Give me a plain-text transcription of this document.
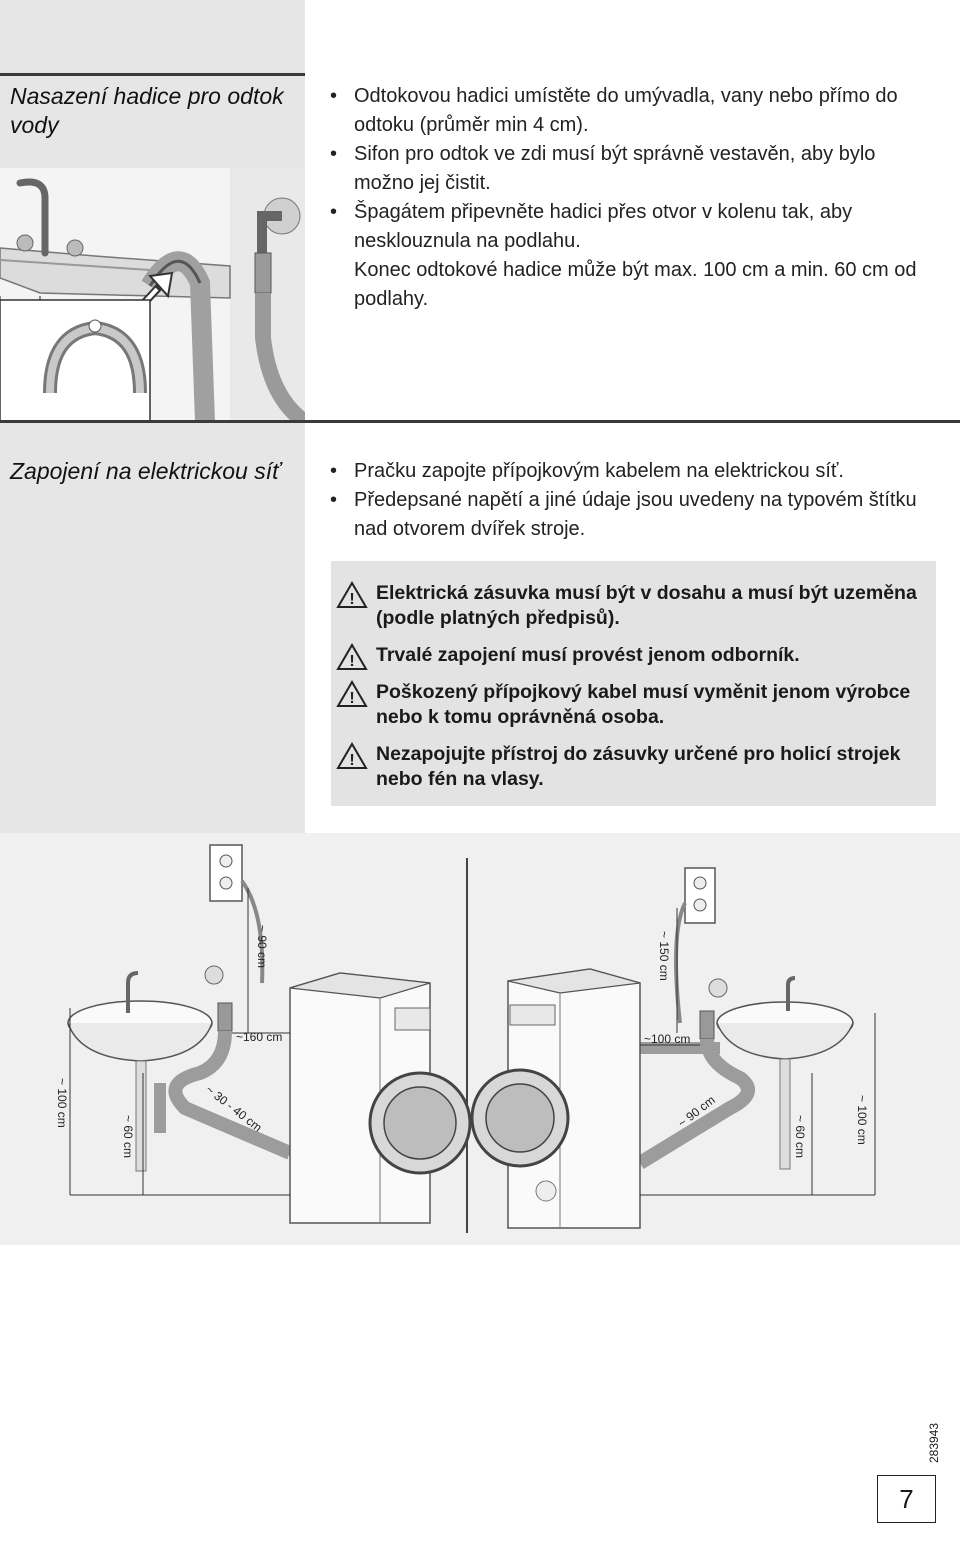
Nasazení hadice pro odtok vody
• Odtokovou hadici umístěte do umývadla, vany nebo přímo do odtoku (průměr min 4 cm).
• Sifon pro odtok ve zdi musí být správně vestavěn, aby bylo možno jej čistit.
• Špagátem připevněte hadici přes otvor v kolenu tak, aby nesklouznula na podlahu.
Konec odtokové hadice může být max. 100 cm a min. 60 cm od podlahy.
Zapojení na elektrickou síť
•	Pračku zapojte přípojkovým kabelem na elektrickou síť.
• Předepsané napětí a jiné údaje jsou uvedeny na typovém štítku nad otvorem dvířek stroje.
! Elektrická zásuvka musí být v dosahu a musí být uzeměna (podle platných předpisů).
! Trvalé zapojení musí provést jenom odborník.
! Poškozený přípojkový kabel musí vyměnit jenom výrobce nebo k tomu oprávněná osoba.
! Nezapojujte přístroj do zásuvky určené pro holicí strojek nebo fén na vlasy.
~ 90 cm
~160 cm
~ 30 - 40 cm
~ 100 cm
~ 60 cm
~ 150 cm
~100 cm
~ 90 cm	~ 100 cm
~ 60 cm
283943
7
